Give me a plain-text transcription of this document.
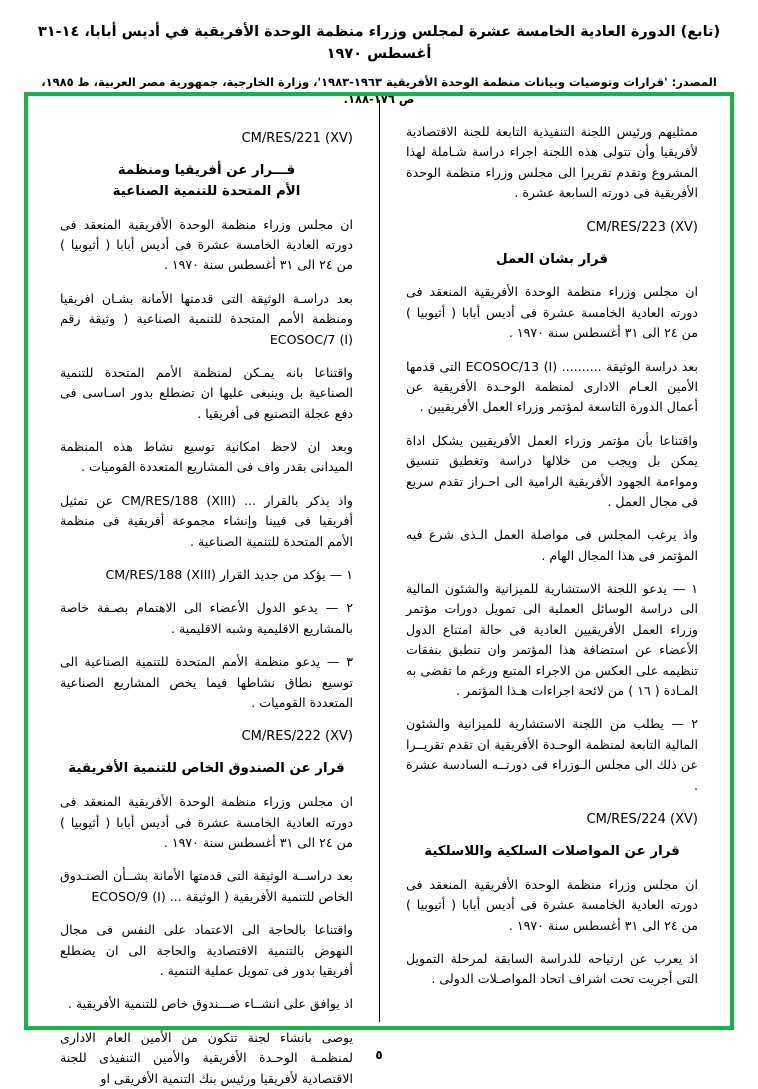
(تابع) الدورة العادية الخامسة عشرة لمجلس وزراء منظمة الوحدة الأفريقية في أديس أبابا، ١٤-٣١ أغسطس ١٩٧٠
المصدر: 'قرارات وتوصيات وبيانات منظمة الوحدة الأفريقية ١٩٦٣-١٩٨٣'، وزارة الخارجية، جمهورية مصر العربية، ط ١٩٨٥، ص ١٧٦-١٨٨.
ممثليهم ورئيس اللجنة التنفيذية التابعة للجنة الاقتصادية لأفريقيا وأن تتولى هذه اللجنة اجراء دراسة شـاملة لهذا المشروع وتقدم تقريرا الى مجلس وزراء منظمة الوحدة الأفريقية فى دورته السابعة عشرة .
CM/RES/223 (XV)
قرار بشان العمل
ان مجلس وزراء منظمة الوحدة الأفريقية المنعقد فى دورته العادية الخامسة عشرة فى أديس أبابا ( أثيوبيا ) من ٢٤ الى ٣١ أغسطس سنة ١٩٧٠ .
بعد دراسة الوثيقة .......... (ECOSOC/13 (I التى قدمها الأمين العـام الادارى لمنظمة الوحـدة الأفريقية عن أعمال الدورة التاسعة لمؤتمر وزراء العمل الأفريقيين .
واقتناعا بأن مؤتمر وزراء العمل الأفريقيين يشكل اداة يمكن بل ويجب من خلالها دراسة وتغطيق تنسيق ومواءمة الجهود الأفريقية الرامية الى احـراز تقدم سريع فى مجال العمل .
واذ يرغب المجلس فى مواصلة العمل الـذى شرع فيه المؤتمر فى هذا المجال الهام .
١ — يدعو اللجنة الاستشارية للميزانية والشئون المالية الى دراسة الوسائل العملية الى تمويل دورات مؤتمر وزراء العمل الأفريقيين العادية فى حالة امتناع الدول الأعضاء عن استضافة هذا المؤتمر وان تنطبق بنفقات تنظيمه على العكس من الاجراء المتبع ورغم ما تقضى به المـادة ( ١٦ ) من لائحة اجراءات هـذا المؤتمر .
٢ — يطلب من اللجنة الاستشارية للميزانية والشئون المالية التابعة لمنظمة الوحـدة الأفريقية ان تقدم تقريــرا عن ذلك الى مجلس الـوزراء فى دورتــه السادسة عشرة .
CM/RES/224 (XV)
قرار عن المواصلات السلكية واللاسلكية
ان مجلس وزراء منظمة الوحدة الأفريقية المنعقد فى دورته العادية الخامسة عشرة فى أديس أبابا ( أثيوبيا ) من ٢٤ الى ٣١ أغسطس سنة ١٩٧٠ .
اذ يعرب عن ارتياحه للدراسة السابقة لمرحلة التمويل التى أجريت تحت اشراف اتحاد المواصـلات الدولى .
CM/RES/221 (XV)
قـــرار عن أفريقيا ومنظمة
الأم المتحدة للتنمية الصناعية
ان مجلس وزراء منظمة الوحدة الأفريقية المنعقد فى دورته العادية الخامسة عشرة فى أديس أبابا ( أثيوبيا ) من ٢٤ الى ٣١ أغسطس سنة ١٩٧٠ .
بعد دراسـة الوثيقة التى قدمتها الأمانة بشـان افريقيا ومنظمة الأمم المتحدة للتنمية الصناعية ( وثيقة رقم (ECOSOC/7 (I
واقتناعا بانه يمـكن لمنظمة الأمم المتحدة للتنمية الصناعية بل وينبغى عليها ان تضطلع بدور اسـاسى فى دفع عجلة التصنيع فى أفريقيا .
وبعد ان لاحظ امكانية توسيع نشاط هذه المنظمة الميدانى بقدر واف فى المشاريع المتعددة القوميات .
واذ يذكر بالقرار ... CM/RES/188 (XIII) عن تمثيل أفريقيا فى فيينا وإنشاء مجموعة أفريقية فى منظمة الأمم المتحدة للتنمية الصناعية .
١ — يؤكد من جديد القرار CM/RES/188 (XIII)
٢ — يدعو الدول الأعضاء الى الاهتمام بصـفة خاصة بالمشاريع الاقليمية وشبه الاقليمية .
٣ — يدعو منظمة الأمم المتحدة للتنمية الصناعية الى توسيع نطاق نشاطها فيما يخص المشاريع الصناعية المتعددة القوميات .
CM/RES/222 (XV)
قرار عن الصندوق الخاص للتنمية الأفريقية
ان مجلس وزراء منظمة الوحدة الأفريقية المنعقد فى دورته العادية الخامسة عشرة فى أديس أبابا ( أثيوبيا ) من ٢٤ الى ٣١ أغسطس سنة ١٩٧٠ .
بعد دراســة الوثيقة التى قدمتها الأمانة بشــأن الصنـدوق الخاص للتنمية الأفريقية ( الوثيقة ... (ECOSO/9 (I
واقتناعا بالحاجة الى الاعتماد على النفس فى مجال النهوض بالتنمية الاقتصادية والحاجة الى ان يضطلع أفريقيا بدور فى تمويل عملية التنمية .
اذ يوافق على انشــاء صـــندوق خاص للتنمية الأفريقية .
يوصى بانشاء لجنة تتكون من الأمين العام الادارى لمنظمـة الوحـدة الأفريقية والأمين التنفيذى للجنة الاقتصادية لأفريقيا ورئيس بنك التنمية الأفريقى او
٥
